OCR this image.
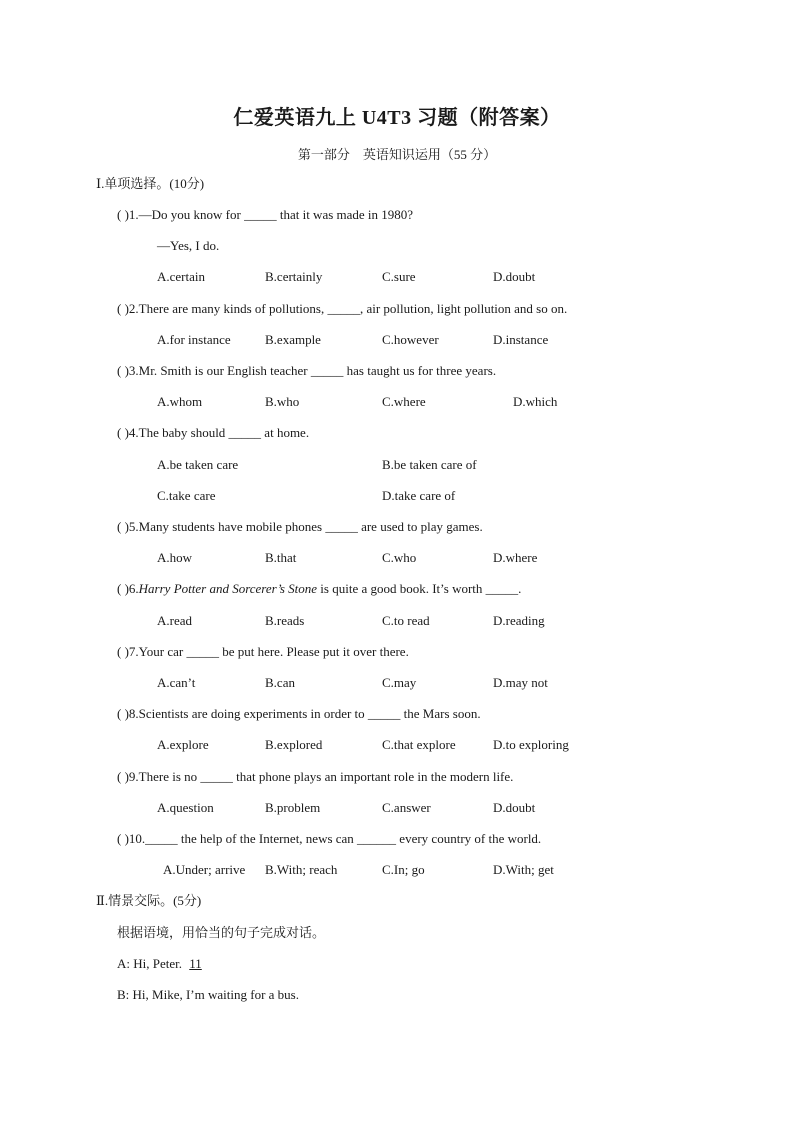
仁爱英语九上 U4T3 习题（附答案）
第一部分　英语知识运用（55 分）
Ⅰ.单项选择。(10分)
( )1.—Do you know for _____ that it was made in 1980?
—Yes, I do.
A.certain	B.certainly	C.sure	D.doubt
( )2.There are many kinds of pollutions, _____, air pollution, light pollution and so on.
A.for instance	B.example	C.however	D.instance
( )3.Mr. Smith is our English teacher _____ has taught us for three years.
A.whom	B.who	C.where	D.which
( )4.The baby should _____ at home.
A.be taken care	B.be taken care of
C.take care	D.take care of
( )5.Many students have mobile phones _____ are used to play games.
A.how	B.that	C.who	D.where
( )6.Harry Potter and Sorcerer’s Stone is quite a good book. It’s worth _____.
A.read	B.reads	C.to read	D.reading
( )7.Your car _____ be put here. Please put it over there.
A.can’t	B.can	C.may	D.may not
( )8.Scientists are doing experiments in order to _____ the Mars soon.
A.explore	B.explored	C.that explore	D.to exploring
( )9.There is no _____ that phone plays an important role in the modern life.
A.question	B.problem	C.answer	D.doubt
( )10._____ the help of the Internet, news can ______ every country of the world.
A.Under; arrive B.With; reach	C.In; go	D.With; get
Ⅱ.情景交际。(5分)
根据语境，用恰当的句子完成对话。
A: Hi, Peter. 11
B: Hi, Mike, I’m waiting for a bus.
